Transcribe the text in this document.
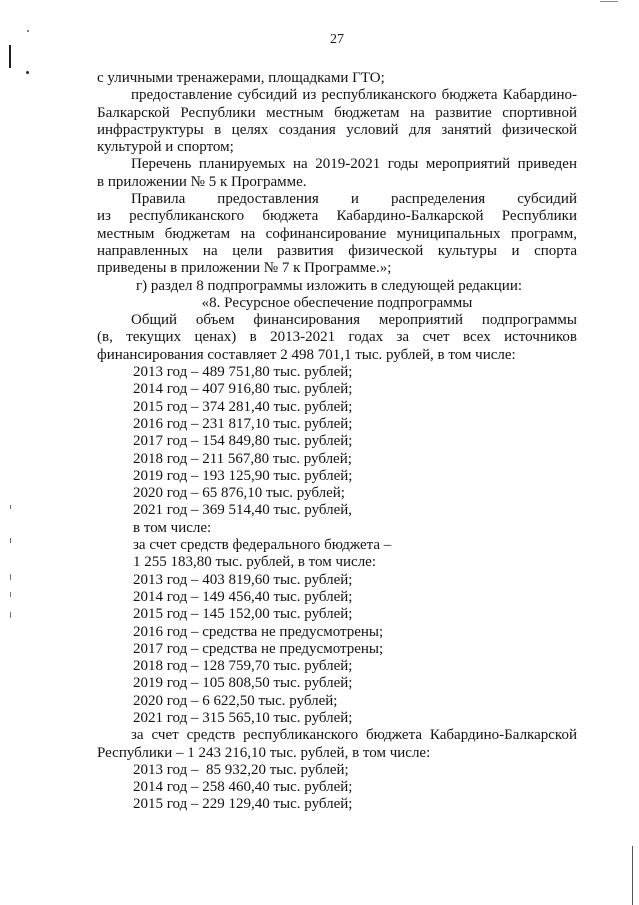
27
с уличными тренажерами, площадками ГТО;
предоставление субсидий из республиканского бюджета Кабардино-
Балкарской Республики местным бюджетам на развитие спортивной
инфраструктуры в целях создания условий для занятий физической
культурой и спортом;
Перечень планируемых на 2019-2021 годы мероприятий приведен
в приложении № 5 к Программе.
Правила предоставления и распределения субсидий
из республиканского бюджета Кабардино-Балкарской Республики
местным бюджетам на софинансирование муниципальных программ,
направленных на цели развития физической культуры и спорта
приведены в приложении № 7 к Программе.»;
г) раздел 8 подпрограммы изложить в следующей редакции:
«8. Ресурсное обеспечение подпрограммы
Общий объем финансирования мероприятий подпрограммы
(в, текущих ценах) в 2013-2021 годах за счет всех источников
финансирования составляет 2 498 701,1 тыс. рублей, в том числе:
2013 год – 489 751,80 тыс. рублей;
2014 год – 407 916,80 тыс. рублей;
2015 год – 374 281,40 тыс. рублей;
2016 год – 231 817,10 тыс. рублей;
2017 год – 154 849,80 тыс. рублей;
2018 год – 211 567,80 тыс. рублей;
2019 год – 193 125,90 тыс. рублей;
2020 год – 65 876,10 тыс. рублей;
2021 год – 369 514,40 тыс. рублей,
в том числе:
за счет средств федерального бюджета –
1 255 183,80 тыс. рублей, в том числе:
2013 год – 403 819,60 тыс. рублей;
2014 год – 149 456,40 тыс. рублей;
2015 год – 145 152,00 тыс. рублей;
2016 год – средства не предусмотрены;
2017 год – средства не предусмотрены;
2018 год – 128 759,70 тыс. рублей;
2019 год – 105 808,50 тыс. рублей;
2020 год – 6 622,50 тыс. рублей;
2021 год – 315 565,10 тыс. рублей;
за счет средств республиканского бюджета Кабардино-Балкарской
Республики – 1 243 216,10 тыс. рублей, в том числе:
2013 год –  85 932,20 тыс. рублей;
2014 год – 258 460,40 тыс. рублей;
2015 год – 229 129,40 тыс. рублей;
